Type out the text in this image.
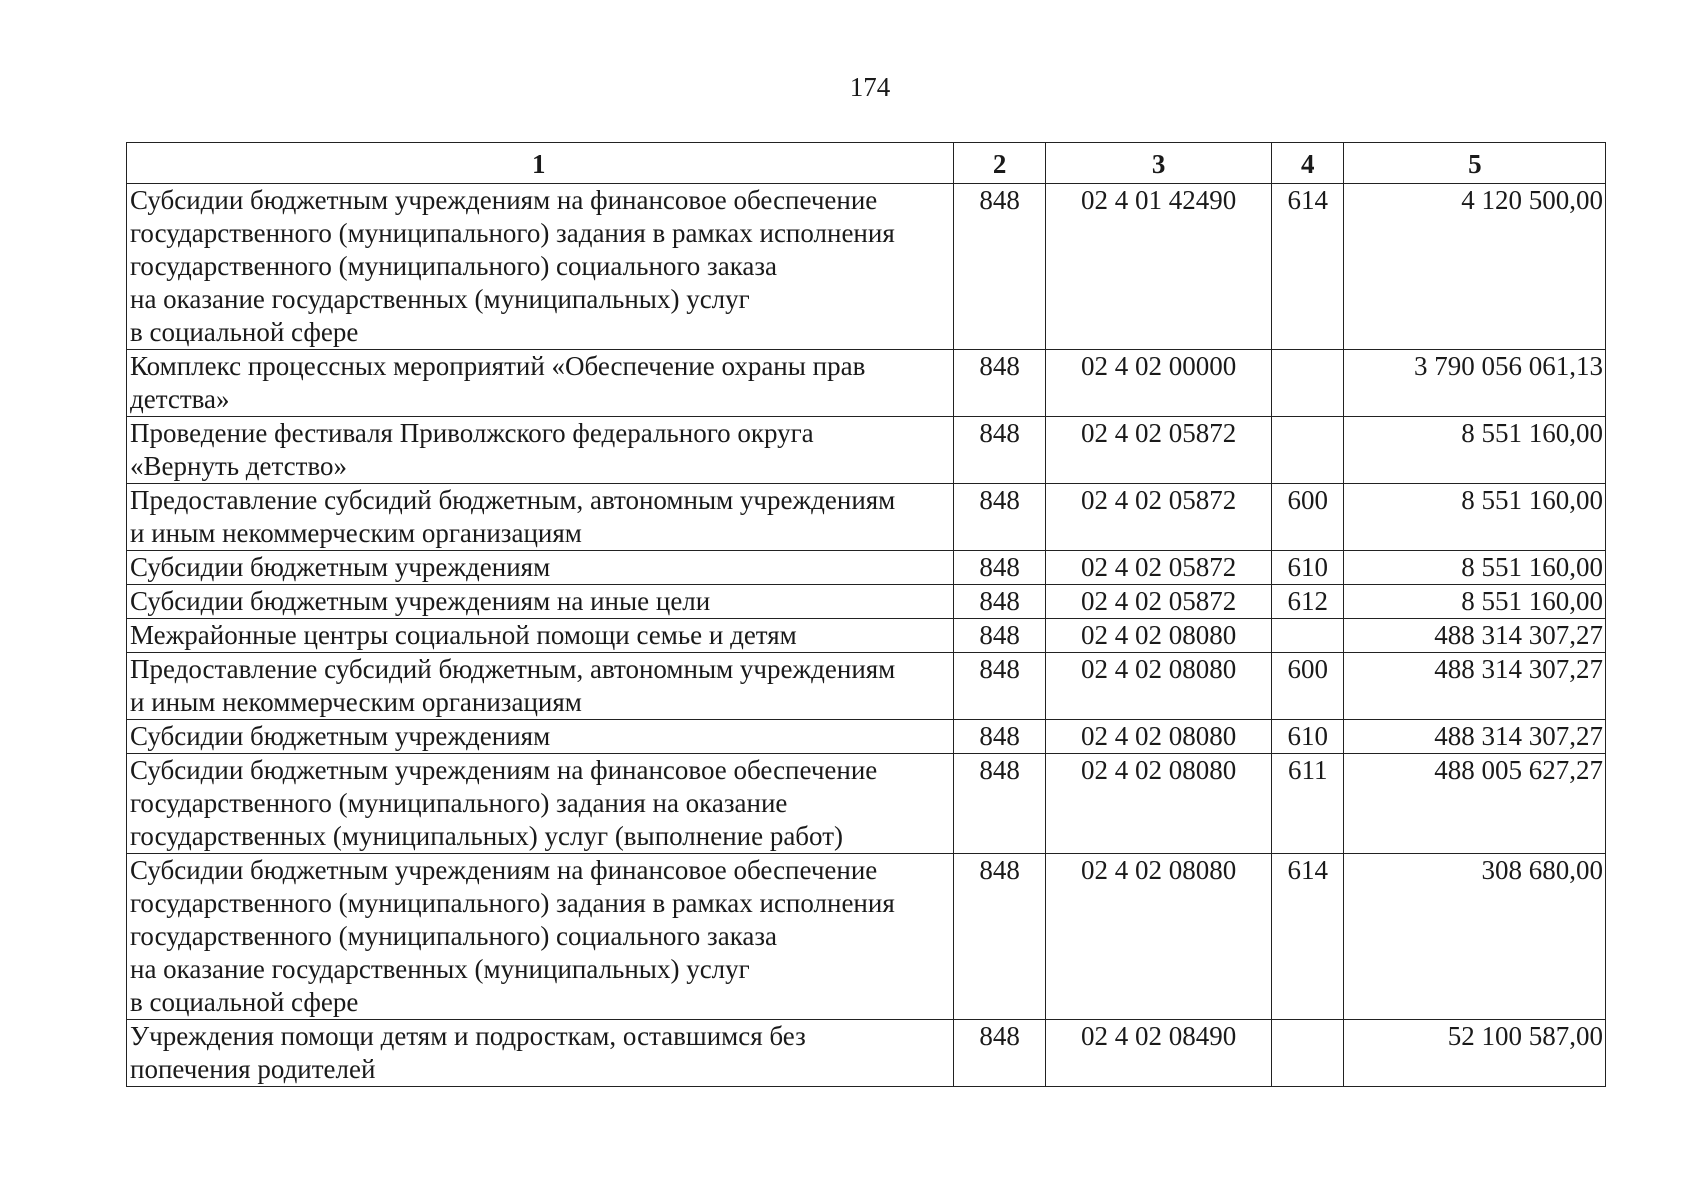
174
1	2	3	4	5
Субсидии бюджетным учреждениям на финансовое обеспечение
государственного (муниципального) задания в рамках исполнения
государственного (муниципального) социального заказа
на оказание государственных (муниципальных) услуг
в социальной сфере	848	02 4 01 42490	614	4 120 500,00
Комплекс процессных мероприятий «Обеспечение охраны прав
детства»	848	02 4 02 00000		3 790 056 061,13
Проведение фестиваля Приволжского федерального округа
«Вернуть детство»	848	02 4 02 05872		8 551 160,00
Предоставление субсидий бюджетным, автономным учреждениям
и иным некоммерческим организациям	848	02 4 02 05872	600	8 551 160,00
Субсидии бюджетным учреждениям	848	02 4 02 05872	610	8 551 160,00
Субсидии бюджетным учреждениям на иные цели	848	02 4 02 05872	612	8 551 160,00
Межрайонные центры социальной помощи семье и детям	848	02 4 02 08080		488 314 307,27
Предоставление субсидий бюджетным, автономным учреждениям
и иным некоммерческим организациям	848	02 4 02 08080	600	488 314 307,27
Субсидии бюджетным учреждениям	848	02 4 02 08080	610	488 314 307,27
Субсидии бюджетным учреждениям на финансовое обеспечение
государственного (муниципального) задания на оказание
государственных (муниципальных) услуг (выполнение работ)	848	02 4 02 08080	611	488 005 627,27
Субсидии бюджетным учреждениям на финансовое обеспечение
государственного (муниципального) задания в рамках исполнения
государственного (муниципального) социального заказа
на оказание государственных (муниципальных) услуг
в социальной сфере	848	02 4 02 08080	614	308 680,00
Учреждения помощи детям и подросткам, оставшимся без
попечения родителей	848	02 4 02 08490		52 100 587,00
